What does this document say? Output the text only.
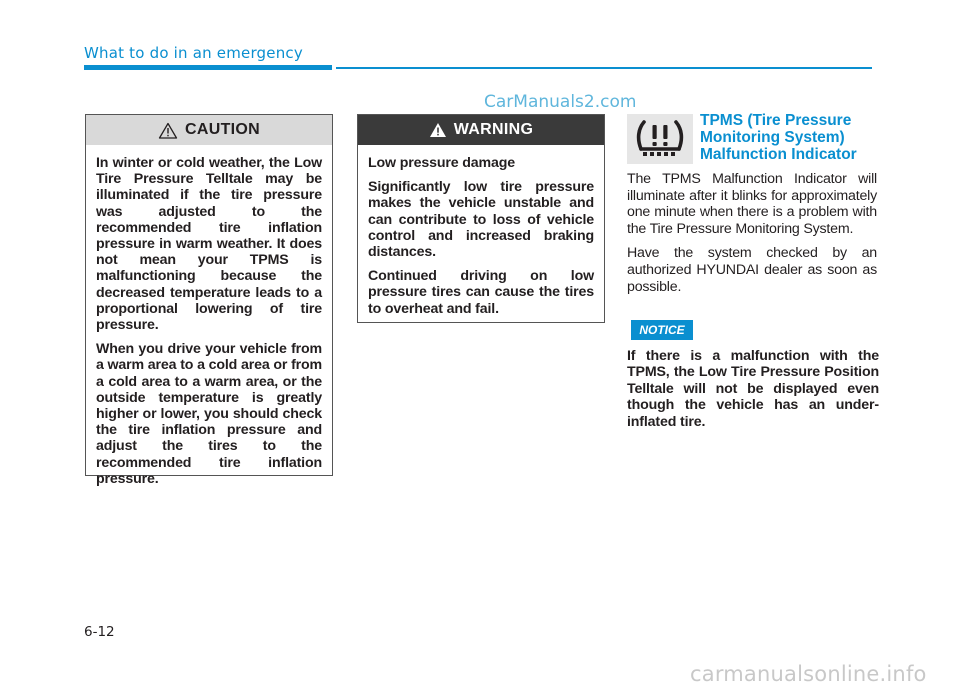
What to do in an emergency
CarManuals2.com
CAUTION

In winter or cold weather, the Low Tire Pressure Telltale may be illuminated if the tire pressure was adjusted to the recommended tire inflation pressure in warm weather. It does not mean your TPMS is malfunctioning because the decreased temperature leads to a proportional lowering of tire pressure.

When you drive your vehicle from a warm area to a cold area or from a cold area to a warm area, or the outside temperature is greatly higher or lower, you should check the tire inflation pressure and adjust the tires to the recommended tire inflation pressure.

WARNING

Low pressure damage

Significantly low tire pressure makes the vehicle unstable and can contribute to loss of vehicle control and increased braking distances.

Continued driving on low pressure tires can cause the tires to overheat and fail.

TPMS (Tire Pressure Monitoring System) Malfunction Indicator

The TPMS Malfunction Indicator will illuminate after it blinks for approximately one minute when there is a problem with the Tire Pressure Monitoring System.

Have the system checked by an authorized HYUNDAI dealer as soon as possible.

NOTICE
If there is a malfunction with the TPMS, the Low Tire Pressure Position Telltale will not be displayed even though the vehicle has an under-inflated tire.
6-12
carmanualsonline.info
